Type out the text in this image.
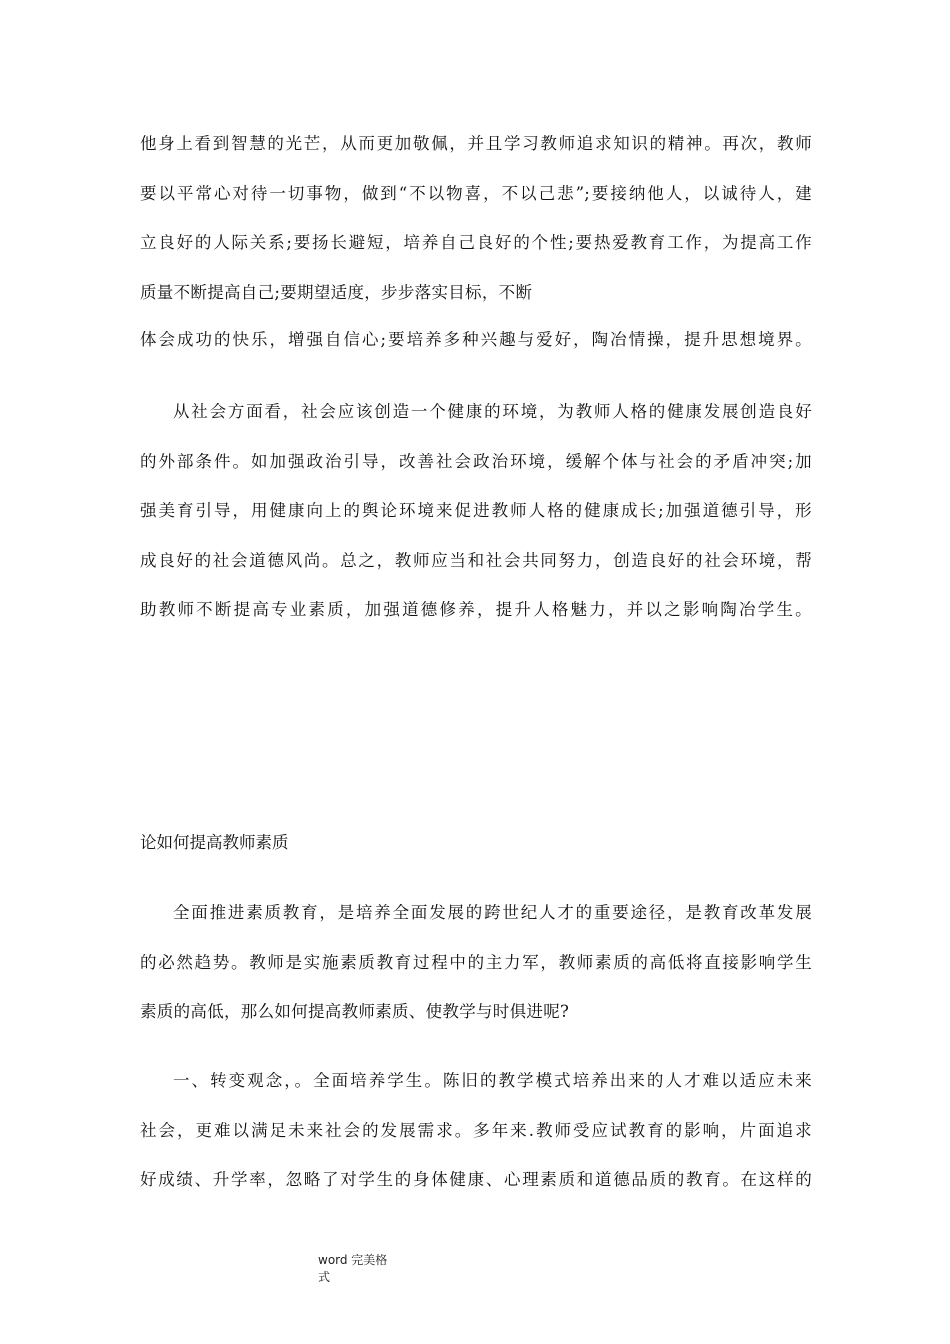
他身上看到智慧的光芒，从而更加敬佩，并且学习教师追求知识的精神。再次，教师
要以平常心对待一切事物，做到“不以物喜，不以己悲”;要接纳他人，以诚待人，建
立良好的人际关系;要扬长避短，培养自己良好的个性;要热爱教育工作，为提高工作
质量不断提高自己;要期望适度，步步落实目标，不断
体会成功的快乐，增强自信心;要培养多种兴趣与爱好，陶冶情操，提升思想境界。
从社会方面看，社会应该创造一个健康的环境，为教师人格的健康发展创造良好
的外部条件。如加强政治引导，改善社会政治环境，缓解个体与社会的矛盾冲突;加
强美育引导，用健康向上的舆论环境来促进教师人格的健康成长;加强道德引导，形
成良好的社会道德风尚。总之，教师应当和社会共同努力，创造良好的社会环境，帮
助教师不断提高专业素质，加强道德修养，提升人格魅力，并以之影响陶冶学生。
论如何提高教师素质
全面推进素质教育，是培养全面发展的跨世纪人才的重要途径，是教育改革发展
的必然趋势。教师是实施素质教育过程中的主力军，教师素质的高低将直接影响学生
素质的高低，那么如何提高教师素质、使教学与时俱进呢?
一、转变观念，。全面培养学生。陈旧的教学模式培养出来的人才难以适应未来
社会，更难以满足未来社会的发展需求。多年来.教师受应试教育的影响，片面追求
好成绩、升学率，忽略了对学生的身体健康、心理素质和道德品质的教育。在这样的
word 完美格
式
